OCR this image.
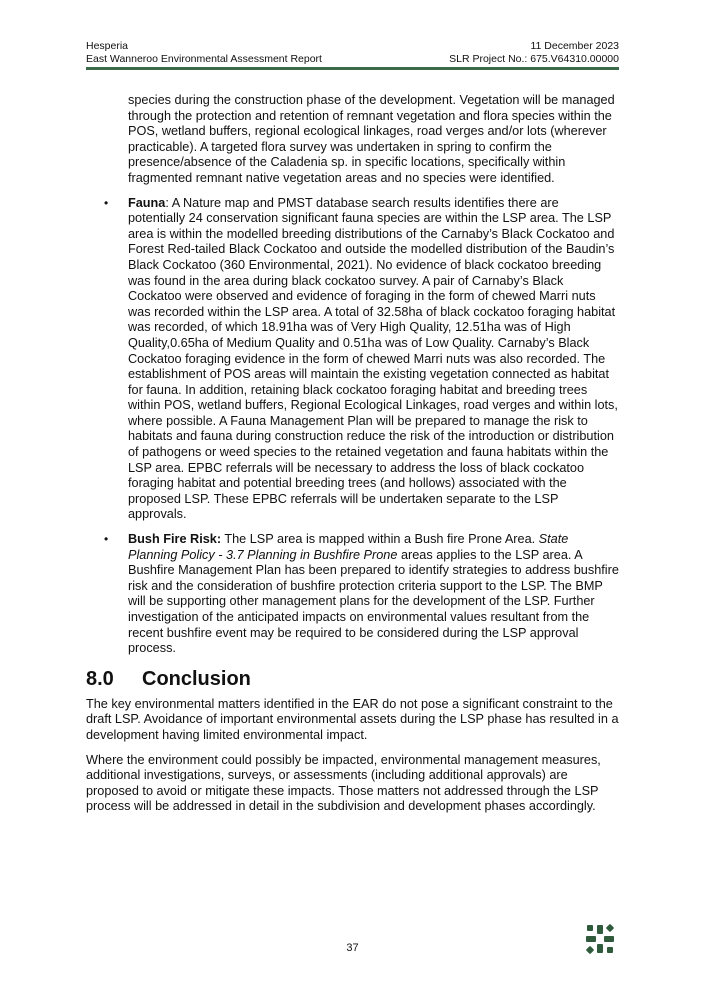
Hesperia	11 December 2023
East Wanneroo Environmental Assessment Report	SLR Project No.: 675.V64310.00000

species during the construction phase of the development. Vegetation will be managed through the protection and retention of remnant vegetation and flora species within the POS, wetland buffers, regional ecological linkages, road verges and/or lots (wherever practicable). A targeted flora survey was undertaken in spring to confirm the presence/absence of the Caladenia sp. in specific locations, specifically within fragmented remnant native vegetation areas and no species were identified.

• Fauna: A Nature map and PMST database search results identifies there are potentially 24 conservation significant fauna species are within the LSP area. The LSP area is within the modelled breeding distributions of the Carnaby’s Black Cockatoo and Forest Red-tailed Black Cockatoo and outside the modelled distribution of the Baudin’s Black Cockatoo (360 Environmental, 2021). No evidence of black cockatoo breeding was found in the area during black cockatoo survey. A pair of Carnaby’s Black Cockatoo were observed and evidence of foraging in the form of chewed Marri nuts was recorded within the LSP area. A total of 32.58ha of black cockatoo foraging habitat was recorded, of which 18.91ha was of Very High Quality, 12.51ha was of High Quality,0.65ha of Medium Quality and 0.51ha was of Low Quality. Carnaby’s Black Cockatoo foraging evidence in the form of chewed Marri nuts was also recorded. The establishment of POS areas will maintain the existing vegetation connected as habitat for fauna. In addition, retaining black cockatoo foraging habitat and breeding trees within POS, wetland buffers, Regional Ecological Linkages, road verges and within lots, where possible. A Fauna Management Plan will be prepared to manage the risk to habitats and fauna during construction reduce the risk of the introduction or distribution of pathogens or weed species to the retained vegetation and fauna habitats within the LSP area. EPBC referrals will be necessary to address the loss of black cockatoo foraging habitat and potential breeding trees (and hollows) associated with the proposed LSP. These EPBC referrals will be undertaken separate to the LSP approvals.
• Bush Fire Risk: The LSP area is mapped within a Bush fire Prone Area. State Planning Policy - 3.7 Planning in Bushfire Prone areas applies to the LSP area. A Bushfire Management Plan has been prepared to identify strategies to address bushfire risk and the consideration of bushfire protection criteria support to the LSP. The BMP will be supporting other management plans for the development of the LSP. Further investigation of the anticipated impacts on environmental values resultant from the recent bushfire event may be required to be considered during the LSP approval process.
8.0	Conclusion

The key environmental matters identified in the EAR do not pose a significant constraint to the draft LSP. Avoidance of important environmental assets during the LSP phase has resulted in a development having limited environmental impact.

Where the environment could possibly be impacted, environmental management measures, additional investigations, surveys, or assessments (including additional approvals) are proposed to avoid or mitigate these impacts. Those matters not addressed through the LSP process will be addressed in detail in the subdivision and development phases accordingly.

37
